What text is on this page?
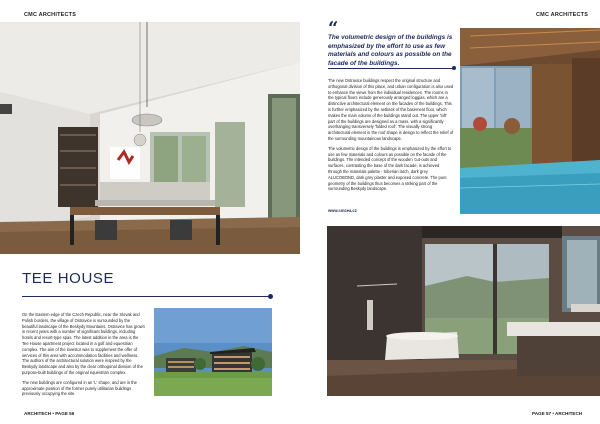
CMC ARCHITECTS
TEE HOUSE

On the Eastern edge of the Czech Republic, near the Slovak and Polish borders, the village of Ostravice is surrounded by the beautiful landscape of the Beskydy Mountains. Ostravice has grown in recent years with a number of significant buildings, including hotels and resort-type spas. The latest addition in the area is the Tee House apartment project located in a golf and equestrian complex. The aim of the investor was to supplement the offer of services of this area with accommodation facilities and wellness. The authors of the architectural solution were inspired by the Beskydy landscape and also by the clear orthogonal division of the purpose-built buildings of the original equestrian complex.

The new buildings are configured in an 'L' shape, and are in the approximate position of the former purely utilitarian buildings previously occupying the site.

ARCHITECH • PAGE 56
CMC ARCHITECTS
PAGE 57 • ARCHITECH
“
The volumetric design of the buildings is emphasized by the effort to use as few materials and colours as possible on the facade of the buildings.

The new Ostravice buildings respect the original structure and orthogonal division of this place, and urban configuration is also used to enhance the views from the individual residences. The rooms in the typical floors include generously arranged loggias, which are a distinctive architectural element on the facades of the buildings. This is further emphasized by the setback of the basement floor, which makes the main volume of the buildings stand out. The upper 'loft' part of the buildings are designed as a mass, with a significantly overhanging transversely 'folded roof'. The visually strong architectural element in the roof shape is design to reflect the relief of the surrounding mountainous landscape.

The volumetric design of the buildings is emphasized by the effort to use as few materials and colours as possible on the facade of the buildings. The intended concept of the wooden 'cut-outs and surfaces, contrasting the base of the dark facade, is achieved through the materials palette - Siberian larch, dark grey ALUCOBOND, dark grey plaster and exposed concrete. The pure geometry of the buildings thus becomes a striking part of the surrounding Beskydy landscape.

www.cmcea.cz
